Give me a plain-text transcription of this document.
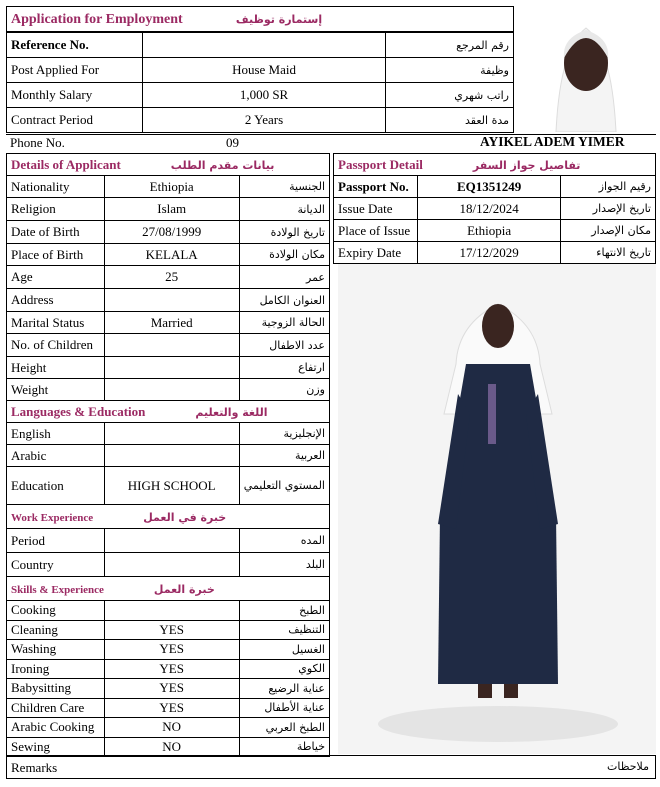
Application for Employment	إستمارة توظيف
Reference No.		رقم المرجع
Post Applied For	House Maid	وظيفة
Monthly Salary	1,000 SR	راتب شهري
Contract Period	2 Years	مدة العقد
Phone No.	09	AYIKEL ADEM YIMER
Details of Applicant بيانات مقدم الطلب		
Nationality	Ethiopia	الجنسية
Religion	Islam	الديانة
Date of Birth	27/08/1999	تاريخ الولادة
Place of Birth	KELALA	مكان الولادة
Age	25	عمر
Address		العنوان الكامل
Marital Status	Married	الحالة الزوجية
No. of Children		عدد الاطفال
Height		ارتفاع
Weight		وزن
Languages & Education اللغة والتعليم		
English		الإنجليزية
Arabic		العربية
Education	HIGH SCHOOL	المستوي التعليمي
Work Experience خبرة في العمل		
Period		المده
Country		البلد
Skills & Experience خبرة العمل		
Cooking		الطبخ
Cleaning	YES	التنظيف
Washing	YES	الغسيل
Ironing	YES	الكوي
Babysitting	YES	عناية الرضيع
Children Care	YES	عناية الأطفال
Arabic Cooking	NO	الطبخ العربي
Sewing	NO	خياطة
Passport Detail تفاصيل جواز السفر		
Passport No.	EQ1351249	رقيم الجواز
Issue Date	18/12/2024	تاريخ الإصدار
Place of Issue	Ethiopia	مكان الإصدار
Expiry Date	17/12/2029	تاريخ الانتهاء
Remarks	ملاحظات
